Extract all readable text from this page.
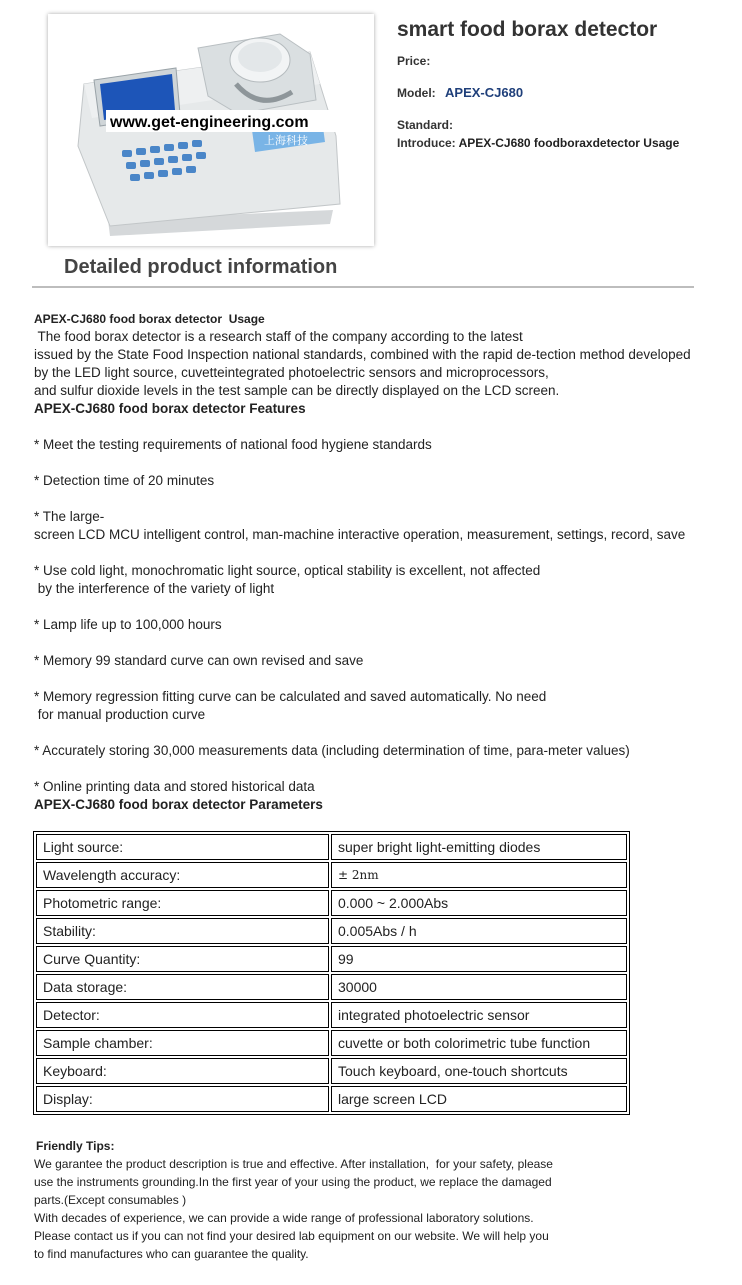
上海科技
www.get-engineering.com
smart food borax detector
Price:
Model: APEX-CJ680
Standard:
Introduce: APEX-CJ680 foodboraxdetector Usage
Detailed product information
APEX-CJ680 food borax detector  Usage
The food borax detector is a research staff of the company according to the latest
issued by the State Food Inspection national standards, combined with the rapid de-tection method developed
by the LED light source, cuvetteintegrated photoelectric sensors and microprocessors,
and sulfur dioxide levels in the test sample can be directly displayed on the LCD screen.
APEX-CJ680 food borax detector Features
* Meet the testing requirements of national food hygiene standards
* Detection time of 20 minutes
* The large-
screen LCD MCU intelligent control, man-machine interactive operation, measurement, settings, record, save
* Use cold light, monochromatic light source, optical stability is excellent, not affected
by the interference of the variety of light
* Lamp life up to 100,000 hours
* Memory 99 standard curve can own revised and save
* Memory regression fitting curve can be calculated and saved automatically. No need
for manual production curve
* Accurately storing 30,000 measurements data (including determination of time, para-meter values)
* Online printing data and stored historical data
APEX-CJ680 food borax detector Parameters
Light source:	super bright light-emitting diodes
Wavelength accuracy:	± 2nm
Photometric range:	0.000 ~ 2.000Abs
Stability:	0.005Abs / h
Curve Quantity:	99
Data storage:	30000
Detector:	integrated photoelectric sensor
Sample chamber:	cuvette or both colorimetric tube function
Keyboard:	Touch keyboard, one-touch shortcuts
Display:	large screen LCD
Friendly Tips:
We garantee the product description is true and effective. After installation,  for your safety, please
use the instruments grounding.In the first year of your using the product, we replace the damaged
parts.(Except consumables )
With decades of experience, we can provide a wide range of professional laboratory solutions.
Please contact us if you can not find your desired lab equipment on our website. We will help you
to find manufactures who can guarantee the quality.
